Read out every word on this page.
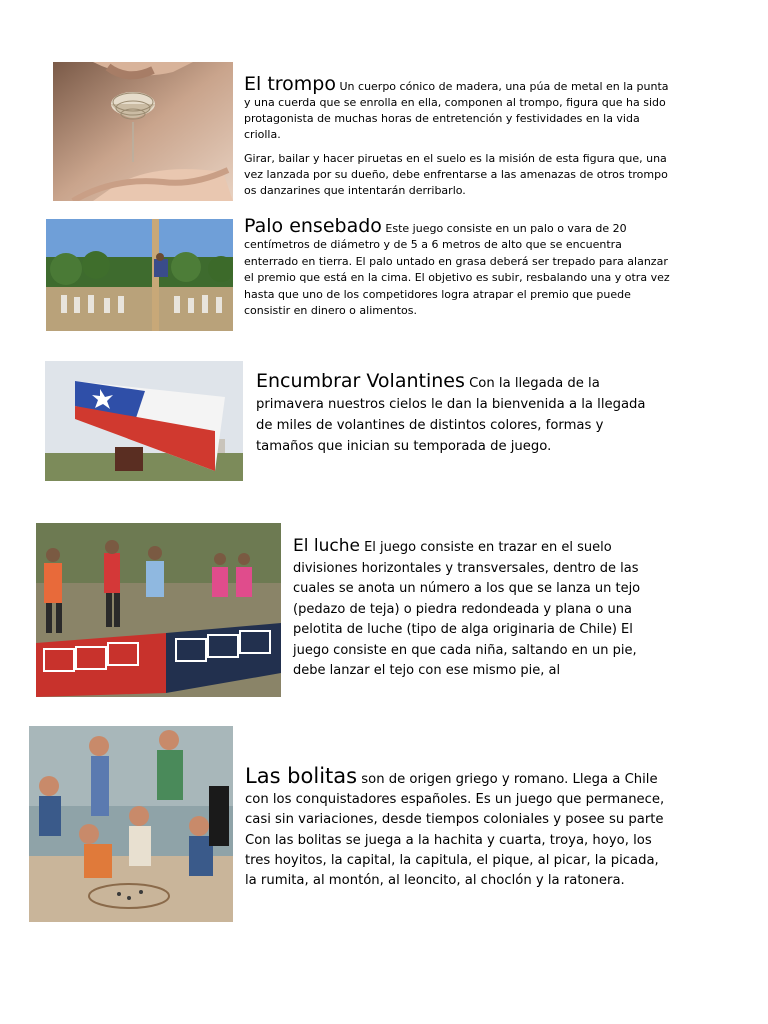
El trompo Un cuerpo cónico de madera, una púa de metal en la punta y una cuerda que se enrolla en ella, componen al trompo, figura que ha sido protagonista de muchas horas de entretención y festividades en la vida criolla.

Girar, bailar y hacer piruetas en el suelo es la misión de esta figura que, una vez lanzada por su dueño, debe enfrentarse a las amenazas de otros trompo os danzarines que intentarán derribarlo.

Palo ensebado Este juego consiste en un palo o vara de 20 centímetros de diámetro y de 5 a 6 metros de alto que se encuentra enterrado en tierra. El palo untado en grasa deberá ser trepado para alanzar el premio que está en la cima. El objetivo es subir, resbalando una y otra vez hasta que uno de los competidores logra atrapar el premio que puede consistir en dinero o alimentos.

Encumbrar Volantines Con la llegada de la primavera nuestros cielos le dan la bienvenida a la llegada de miles de volantines de distintos colores, formas y tamaños que inician su temporada de juego.

El luche El juego consiste en trazar en el suelo divisiones horizontales y transversales, dentro de las cuales se anota un número a los que se lanza un tejo (pedazo de teja) o piedra redondeada y plana o una pelotita de luche (tipo de alga originaria de Chile) El juego consiste en que cada niña, saltando en un pie, debe lanzar el tejo con ese mismo pie, al

Las bolitas son de origen griego y romano. Llega a Chile con los conquistadores españoles. Es un juego que permanece, casi sin variaciones, desde tiempos coloniales y posee su parte Con las bolitas se juega a la hachita y cuarta, troya, hoyo, los tres hoyitos, la capital, la capitula, el pique, al picar, la picada, la rumita, al montón, al leoncito, al choclón y la ratonera.
